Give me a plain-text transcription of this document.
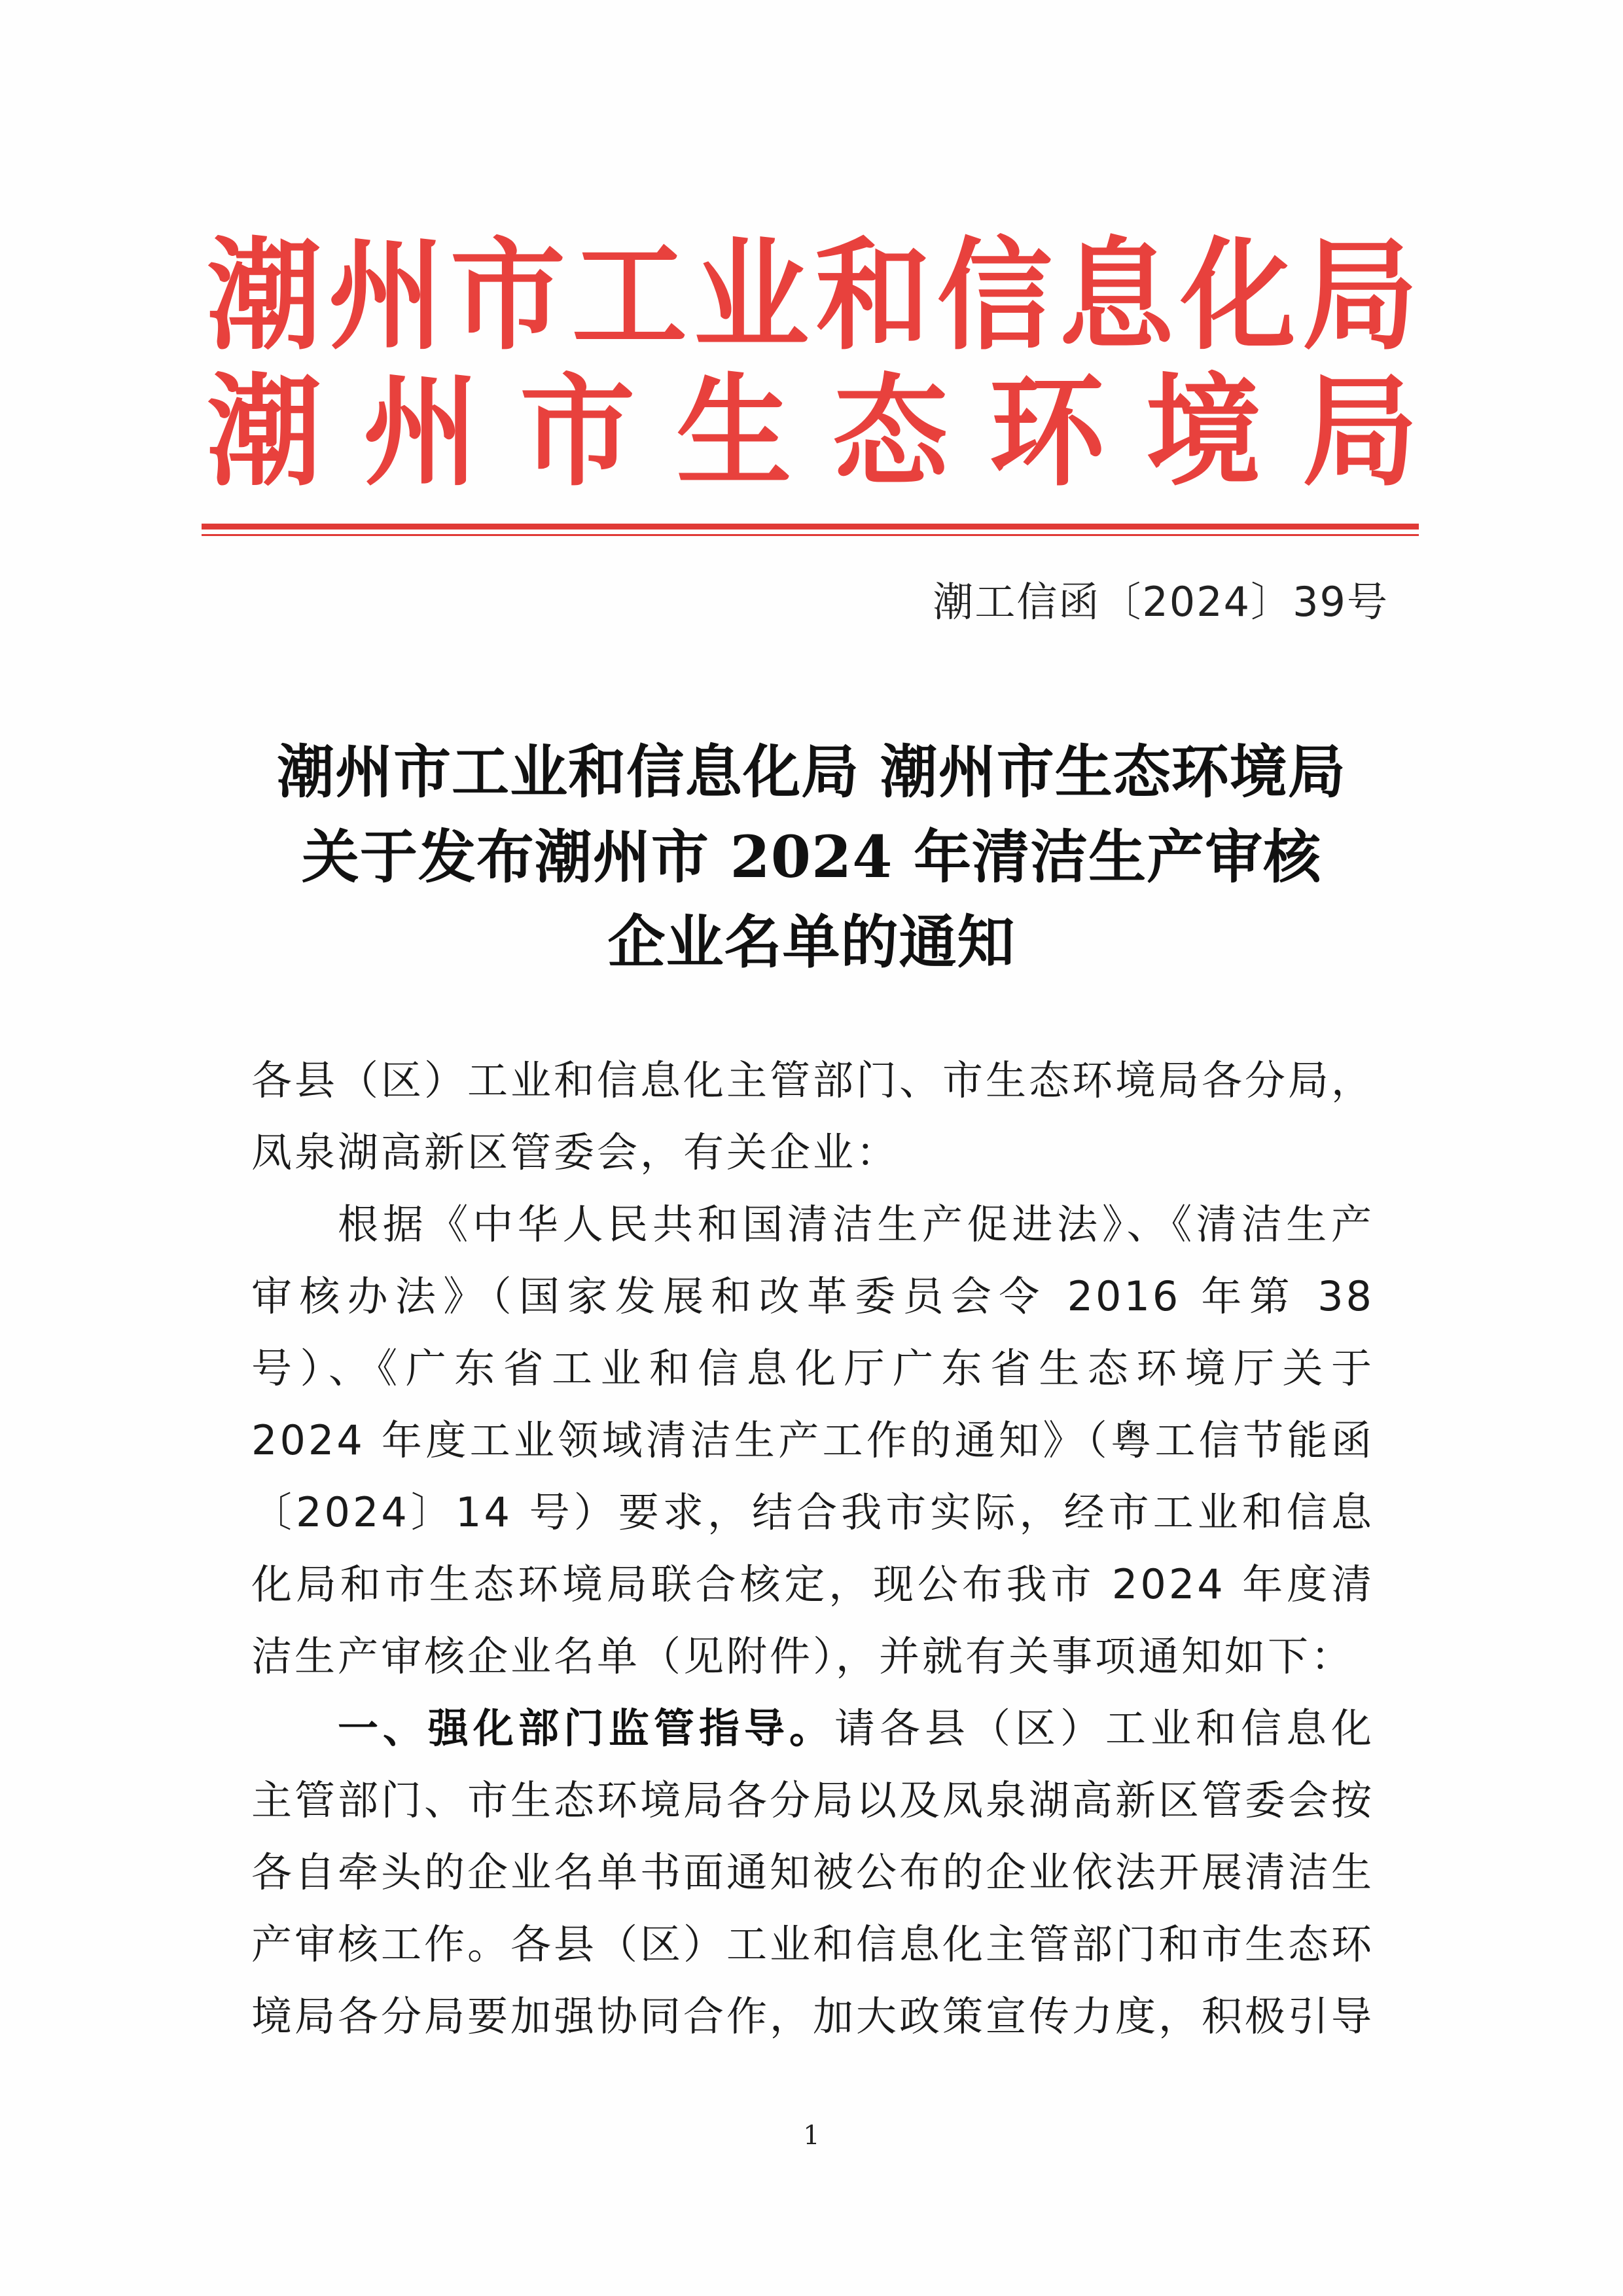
潮 州 市 工 业 和 信 息 化 局
潮 州 市 生 态 环 境 局
潮工信函〔2024〕39号
潮州市工业和信息化局 潮州市生态环境局
关于发布潮州市 2024 年清洁生产审核
企业名单的通知

各县（区）工业和信息化主管部门、市生态环境局各分局，凤泉湖高新区管委会，有关企业：

根据《中华人民共和国清洁生产促进法》、《清洁生产审核办法》（国家发展和改革委员会令 2016 年第 38 号）、《广东省工业和信息化厅广东省生态环境厅关于 2024 年度工业领域清洁生产工作的通知》（粤工信节能函〔2024〕14 号）要求，结合我市实际，经市工业和信息化局和市生态环境局联合核定，现公布我市 2024 年度清洁生产审核企业名单（见附件），并就有关事项通知如下：

一、强化部门监管指导。请各县（区）工业和信息化主管部门、市生态环境局各分局以及凤泉湖高新区管委会按各自牵头的企业名单书面通知被公布的企业依法开展清洁生产审核工作。各县（区）工业和信息化主管部门和市生态环境局各分局要加强协同合作，加大政策宣传力度，积极引导

1
